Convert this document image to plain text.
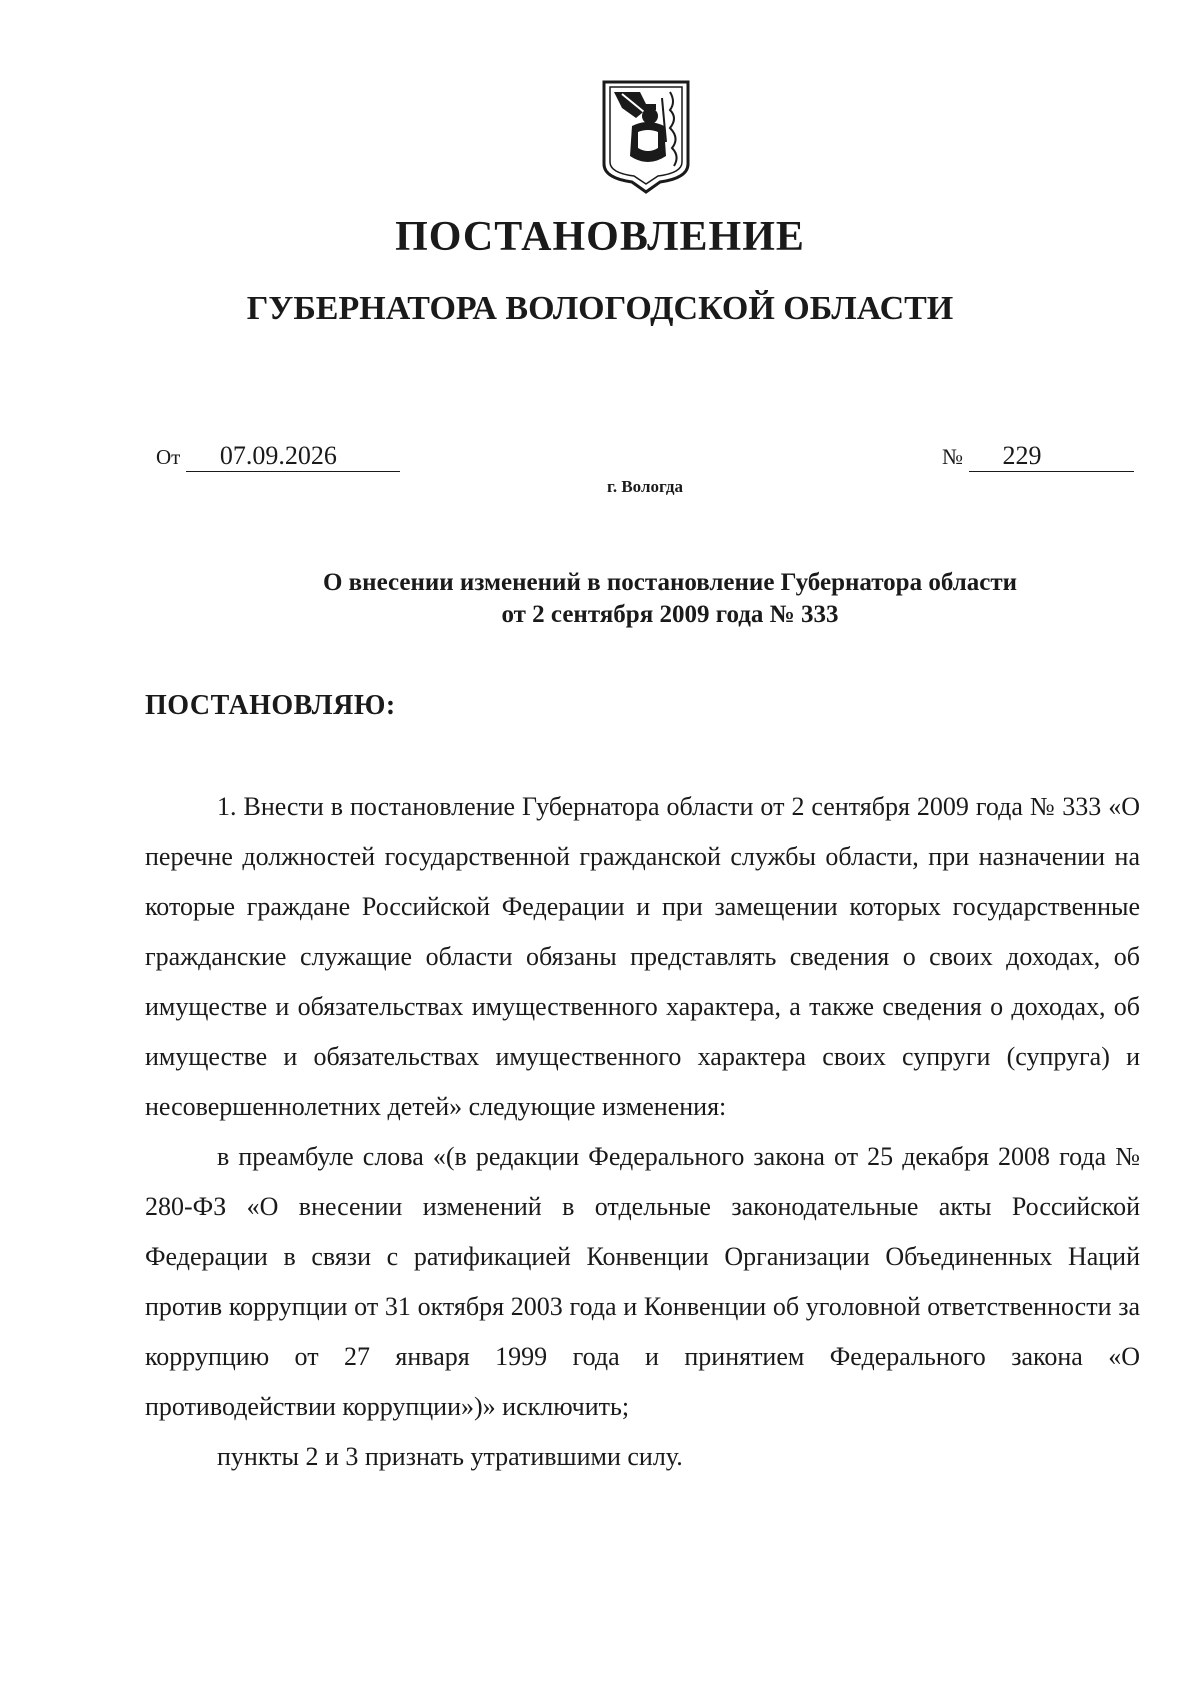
ПОСТАНОВЛЕНИЕ
ГУБЕРНАТОРА ВОЛОГОДСКОЙ ОБЛАСТИ
От 07.09.2026	№ 229
г. Вологда
О внесении изменений в постановление Губернатора области
от 2 сентября 2009 года № 333
ПОСТАНОВЛЯЮ:

1. Внести в постановление Губернатора области от 2 сентября 2009 года № 333 «О перечне должностей государственной гражданской службы области, при назначении на которые граждане Российской Федерации и при замещении которых государственные гражданские служащие области обязаны представлять сведения о своих доходах, об имуществе и обязательствах имущественного характера, а также сведения о доходах, об имуществе и обязательствах имущественного характера своих супруги (супруга) и несовершеннолетних детей» следующие изменения:

в преамбуле слова «(в редакции Федерального закона от 25 декабря 2008 года № 280-ФЗ «О внесении изменений в отдельные законодательные акты Российской Федерации в связи с ратификацией Конвенции Организации Объединенных Наций против коррупции от 31 октября 2003 года и Конвенции об уголовной ответственности за коррупцию от 27 января 1999 года и принятием Федерального закона «О противодействии коррупции»)» исключить;

пункты 2 и 3 признать утратившими силу.
